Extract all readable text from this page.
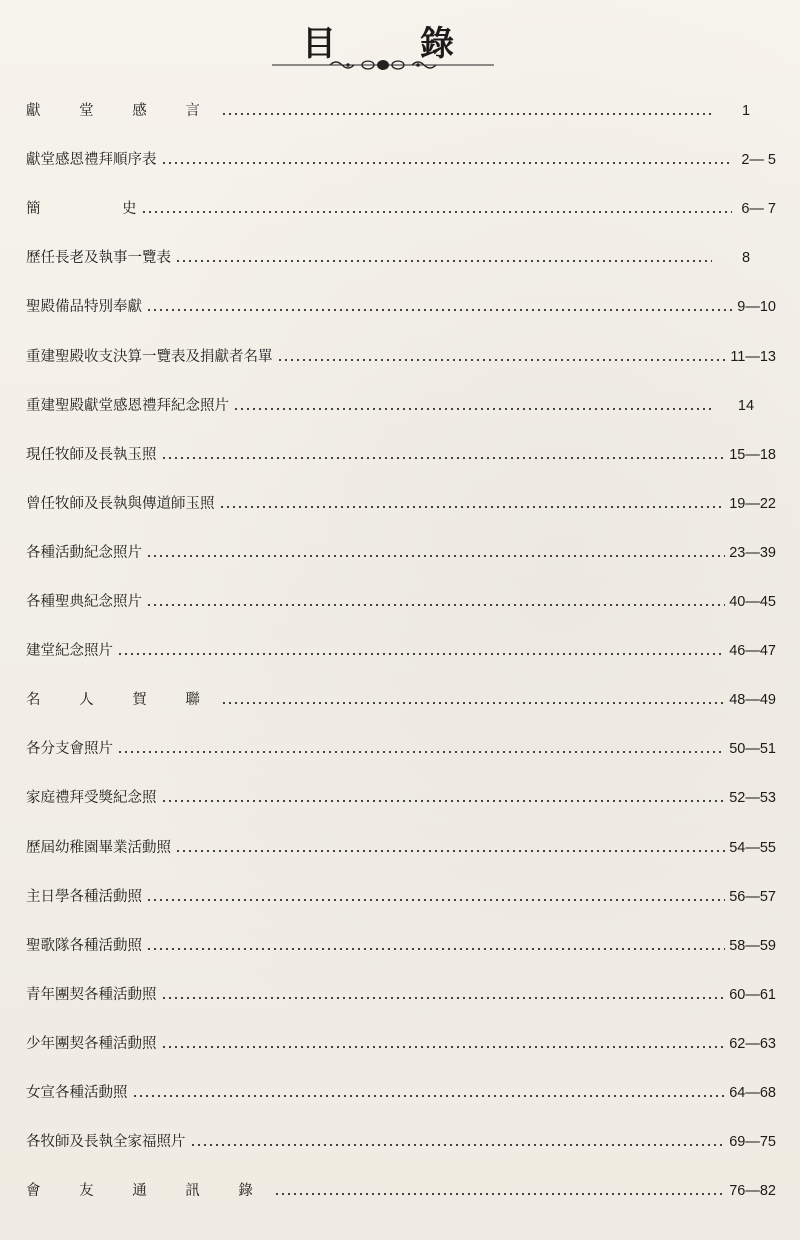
目 錄
獻 堂 感 言	1
獻堂感恩禮拜順序表	2— 5
簡	史	6— 7
歷任長老及執事一覽表	8
聖殿備品特別奉獻	9—10
重建聖殿收支決算一覽表及捐獻者名單	11—13
重建聖殿獻堂感恩禮拜紀念照片	14
現任牧師及長執玉照	15—18
曾任牧師及長執與傳道師玉照	19—22
各種活動紀念照片	23—39
各種聖典紀念照片	40—45
建堂紀念照片	46—47
名 人 賀 聯	48—49
各分支會照片	50—51
家庭禮拜受獎紀念照	52—53
歷屆幼稚園畢業活動照	54—55
主日學各種活動照	56—57
聖歌隊各種活動照	58—59
青年團契各種活動照	60—61
少年團契各種活動照	62—63
女宣各種活動照	64—68
各牧師及長執全家福照片	69—75
會 友 通 訊 錄	76—82
